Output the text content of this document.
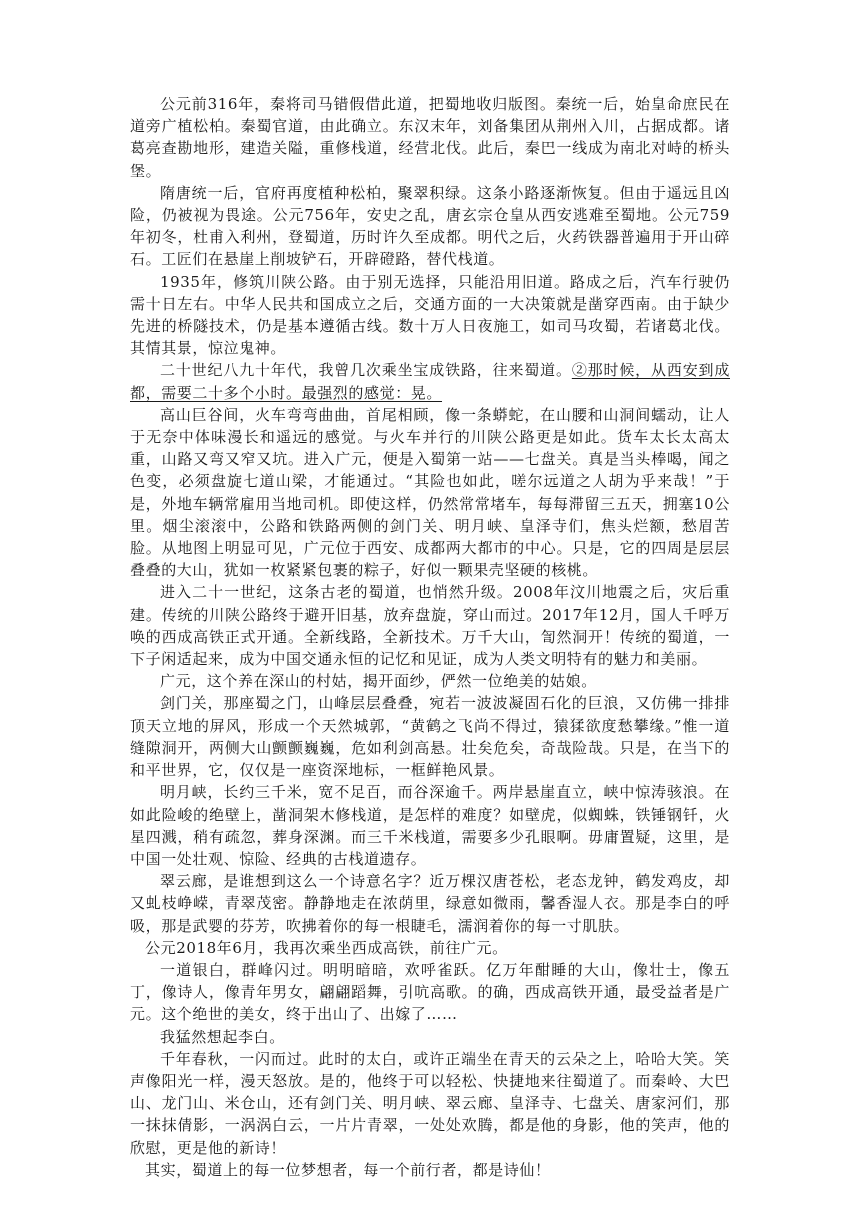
公元前316年，秦将司马错假借此道，把蜀地收归版图。秦统一后，始皇命庶民在道旁广植松柏。秦蜀官道，由此确立。东汉末年，刘备集团从荆州入川，占据成都。诸葛亮查勘地形，建造关隘，重修栈道，经营北伐。此后，秦巴一线成为南北对峙的桥头堡。

隋唐统一后，官府再度植种松柏，聚翠积绿。这条小路逐渐恢复。但由于遥远且凶险，仍被视为畏途。公元756年，安史之乱，唐玄宗仓皇从西安逃难至蜀地。公元759年初冬，杜甫入利州，登蜀道，历时许久至成都。明代之后，火药铁器普遍用于开山碎石。工匠们在悬崖上削坡铲石，开辟磴路，替代栈道。

1935年，修筑川陕公路。由于别无选择，只能沿用旧道。路成之后，汽车行驶仍需十日左右。中华人民共和国成立之后，交通方面的一大决策就是凿穿西南。由于缺少先进的桥隧技术，仍是基本遵循古线。数十万人日夜施工，如司马攻蜀，若诸葛北伐。其情其景，惊泣鬼神。

二十世纪八九十年代，我曾几次乘坐宝成铁路，往来蜀道。②那时候，从西安到成都，需要二十多个小时。最强烈的感觉：晃。

高山巨谷间，火车弯弯曲曲，首尾相顾，像一条蟒蛇，在山腰和山洞间蠕动，让人于无奈中体味漫长和遥远的感觉。与火车并行的川陕公路更是如此。货车太长太高太重，山路又弯又窄又坑。进入广元，便是入蜀第一站——七盘关。真是当头棒喝，闻之色变，必须盘旋七道山梁，才能通过。“其险也如此，嗟尔远道之人胡为乎来哉！”于是，外地车辆常雇用当地司机。即使这样，仍然常常堵车，每每滞留三五天，拥塞10公里。烟尘滚滚中，公路和铁路两侧的剑门关、明月峡、皇泽寺们，焦头烂额，愁眉苦脸。从地图上明显可见，广元位于西安、成都两大都市的中心。只是，它的四周是层层叠叠的大山，犹如一枚紧紧包裹的粽子，好似一颗果壳坚硬的核桃。

进入二十一世纪，这条古老的蜀道，也悄然升级。2008年汶川地震之后，灾后重建。传统的川陕公路终于避开旧基，放弃盘旋，穿山而过。2017年12月，国人千呼万唤的西成高铁正式开通。全新线路，全新技术。万千大山，訇然洞开！传统的蜀道，一下子闲适起来，成为中国交通永恒的记忆和见证，成为人类文明特有的魅力和美丽。

广元，这个养在深山的村姑，揭开面纱，俨然一位绝美的姑娘。

剑门关，那座蜀之门，山峰层层叠叠，宛若一波波凝固石化的巨浪，又仿佛一排排顶天立地的屏风，形成一个天然城郭，“黄鹤之飞尚不得过，猿猱欲度愁攀缘。”惟一道缝隙洞开，两侧大山颤颤巍巍，危如利剑高悬。壮矣危矣，奇哉险哉。只是，在当下的和平世界，它，仅仅是一座资深地标，一框鲜艳风景。

明月峡，长约三千米，宽不足百，而谷深逾千。两岸悬崖直立，峡中惊涛骇浪。在如此险峻的绝壁上，凿洞架木修栈道，是怎样的难度？如壁虎，似蜘蛛，铁锤钢钎，火星四溅，稍有疏忽，葬身深渊。而三千米栈道，需要多少孔眼啊。毋庸置疑，这里，是中国一处壮观、惊险、经典的古栈道遗存。

翠云廊，是谁想到这么一个诗意名字？近万棵汉唐苍松，老态龙钟，鹤发鸡皮，却又虬枝峥嵘，青翠茂密。静静地走在浓荫里，绿意如微雨，馨香湿人衣。那是李白的呼吸，那是武婴的芬芳，吹拂着你的每一根睫毛，濡润着你的每一寸肌肤。

公元2018年6月，我再次乘坐西成高铁，前往广元。

一道银白，群峰闪过。明明暗暗，欢呼雀跃。亿万年酣睡的大山，像壮士，像五丁，像诗人，像青年男女，翩翩蹈舞，引吭高歌。的确，西成高铁开通，最受益者是广元。这个绝世的美女，终于出山了、出嫁了……

我猛然想起李白。

千年春秋，一闪而过。此时的太白，或许正端坐在青天的云朵之上，哈哈大笑。笑声像阳光一样，漫天怒放。是的，他终于可以轻松、快捷地来往蜀道了。而秦岭、大巴山、龙门山、米仓山，还有剑门关、明月峡、翠云廊、皇泽寺、七盘关、唐家河们，那一抹抹倩影，一涡涡白云，一片片青翠，一处处欢腾，都是他的身影，他的笑声，他的欣慰，更是他的新诗！

其实，蜀道上的每一位梦想者，每一个前行者，都是诗仙！
